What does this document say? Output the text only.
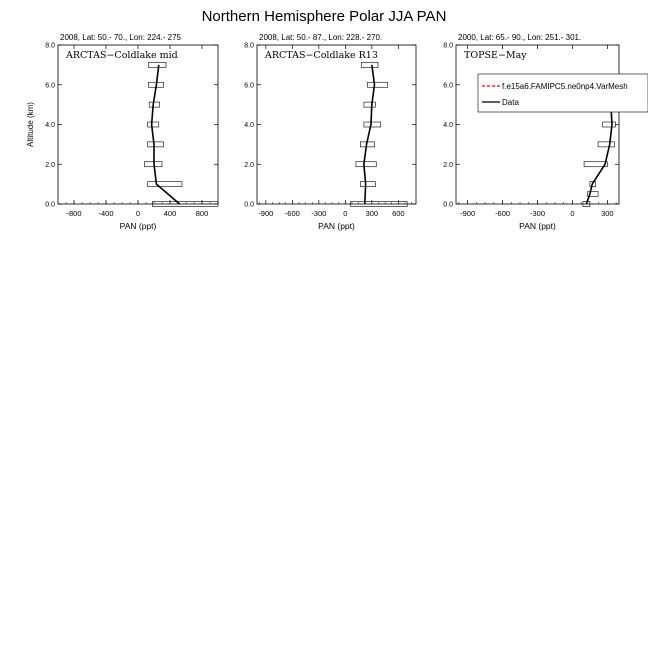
Northern Hemisphere Polar JJA PAN
2008, Lat: 50.- 70., Lon: 224.- 275
-800 -400	0	400	800
0.0
2.0
4.0
6.0
8.0
ARCTAS−Coldlake mid
PAN (ppt)
Altitude (km)
2008, Lat: 50.- 87., Lon: 228.- 270.
-900 -600 -300 0 300 600
0.0
2.0
4.0
6.0
8.0
ARCTAS−Coldlake R13
PAN (ppt)
2000, Lat: 65.- 90., Lon: 251.- 301.
-900	-600	-300	0	300
0.0
2.0
4.0
6.0
8.0
TOPSE−May
PAN (ppt)
f.e15a6.FAMIPC5.ne0np4.VarMesh
Data
